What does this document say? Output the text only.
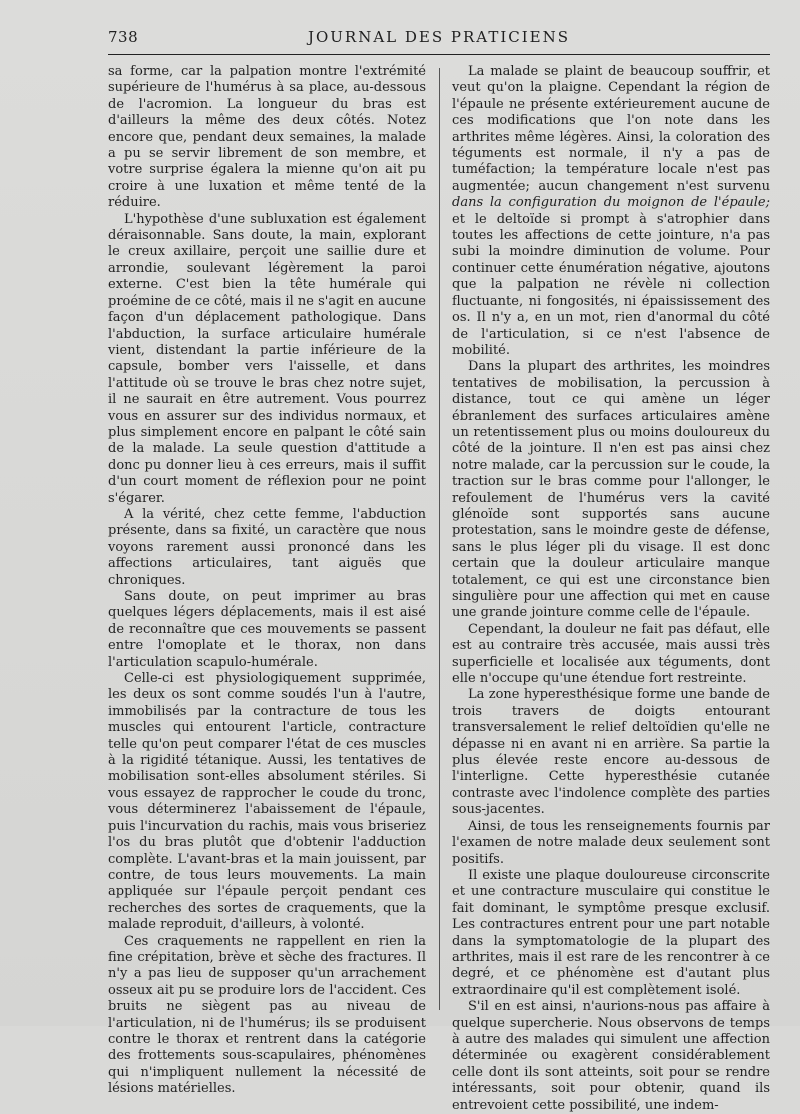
738	JOURNAL DES PRATICIENS

sa forme, car la palpation montre l'extrémité supérieure de l'humérus à sa place, au-dessous de l'acromion. La longueur du bras est d'ailleurs la même des deux côtés. Notez encore que, pendant deux semaines, la malade a pu se servir librement de son membre, et votre surprise égalera la mienne qu'on ait pu croire à une luxation et même tenté de la réduire.

L'hypothèse d'une subluxation est également déraisonnable. Sans doute, la main, explorant le creux axillaire, perçoit une saillie dure et arrondie, soulevant légèrement la paroi externe. C'est bien la tête humérale qui proémine de ce côté, mais il ne s'agit en aucune façon d'un déplacement pathologique. Dans l'abduction, la surface articulaire humérale vient, distendant la partie inférieure de la capsule, bomber vers l'aisselle, et dans l'attitude où se trouve le bras chez notre sujet, il ne saurait en être autrement. Vous pourrez vous en assurer sur des individus normaux, et plus simplement encore en palpant le côté sain de la malade. La seule question d'attitude a donc pu donner lieu à ces erreurs, mais il suffit d'un court moment de réflexion pour ne point s'égarer.

A la vérité, chez cette femme, l'abduction présente, dans sa fixité, un caractère que nous voyons rarement aussi prononcé dans les affections articulaires, tant aiguës que chroniques.

Sans doute, on peut imprimer au bras quelques légers déplacements, mais il est aisé de reconnaître que ces mouvements se passent entre l'omoplate et le thorax, non dans l'articulation scapulo-humérale.

Celle-ci est physiologiquement supprimée, les deux os sont comme soudés l'un à l'autre, immobilisés par la contracture de tous les muscles qui entourent l'article, contracture telle qu'on peut comparer l'état de ces muscles à la rigidité tétanique. Aussi, les tentatives de mobilisation sont-elles absolument stériles. Si vous essayez de rapprocher le coude du tronc, vous déterminerez l'abaissement de l'épaule, puis l'incurvation du rachis, mais vous briseriez l'os du bras plutôt que d'obtenir l'adduction complète. L'avant-bras et la main jouissent, par contre, de tous leurs mouvements. La main appliquée sur l'épaule perçoit pendant ces recherches des sortes de craquements, que la malade reproduit, d'ailleurs, à volonté.

Ces craquements ne rappellent en rien la fine crépitation, brève et sèche des fractures. Il n'y a pas lieu de supposer qu'un arrachement osseux ait pu se produire lors de l'accident. Ces bruits ne siègent pas au niveau de l'articulation, ni de l'humérus; ils se produisent contre le thorax et rentrent dans la catégorie des frottements sous-scapulaires, phénomènes qui n'impliquent nullement la nécessité de lésions matérielles.

La malade se plaint de beaucoup souffrir, et veut qu'on la plaigne. Cependant la région de l'épaule ne présente extérieurement aucune de ces modifications que l'on note dans les arthrites même légères. Ainsi, la coloration des téguments est normale, il n'y a pas de tuméfaction; la température locale n'est pas augmentée; aucun changement n'est survenu dans la configuration du moignon de l'épaule; et le deltoïde si prompt à s'atrophier dans toutes les affections de cette jointure, n'a pas subi la moindre diminution de volume. Pour continuer cette énumération négative, ajoutons que la palpation ne révèle ni collection fluctuante, ni fongosités, ni épaississement des os. Il n'y a, en un mot, rien d'anormal du côté de l'articulation, si ce n'est l'absence de mobilité.

Dans la plupart des arthrites, les moindres tentatives de mobilisation, la percussion à distance, tout ce qui amène un léger ébranlement des surfaces articulaires amène un retentissement plus ou moins douloureux du côté de la jointure. Il n'en est pas ainsi chez notre malade, car la percussion sur le coude, la traction sur le bras comme pour l'allonger, le refoulement de l'humérus vers la cavité glénoïde sont supportés sans aucune protestation, sans le moindre geste de défense, sans le plus léger pli du visage. Il est donc certain que la douleur articulaire manque totalement, ce qui est une circonstance bien singulière pour une affection qui met en cause une grande jointure comme celle de l'épaule.

Cependant, la douleur ne fait pas défaut, elle est au contraire très accusée, mais aussi très superficielle et localisée aux téguments, dont elle n'occupe qu'une étendue fort restreinte.

La zone hyperesthésique forme une bande de trois travers de doigts entourant transversalement le relief deltoïdien qu'elle ne dépasse ni en avant ni en arrière. Sa partie la plus élevée reste encore au-dessous de l'interligne. Cette hyperesthésie cutanée contraste avec l'indolence complète des parties sous-jacentes.

Ainsi, de tous les renseignements fournis par l'examen de notre malade deux seulement sont positifs.

Il existe une plaque douloureuse circonscrite et une contracture musculaire qui constitue le fait dominant, le symptôme presque exclusif. Les contractures entrent pour une part notable dans la symptomatologie de la plupart des arthrites, mais il est rare de les rencontrer à ce degré, et ce phénomène est d'autant plus extraordinaire qu'il est complètement isolé.

S'il en est ainsi, n'aurions-nous pas affaire à quelque supercherie. Nous observons de temps à autre des malades qui simulent une affection déterminée ou exagèrent considérablement celle dont ils sont atteints, soit pour se rendre intéressants, soit pour obtenir, quand ils entrevoient cette possibilité, une indem-
